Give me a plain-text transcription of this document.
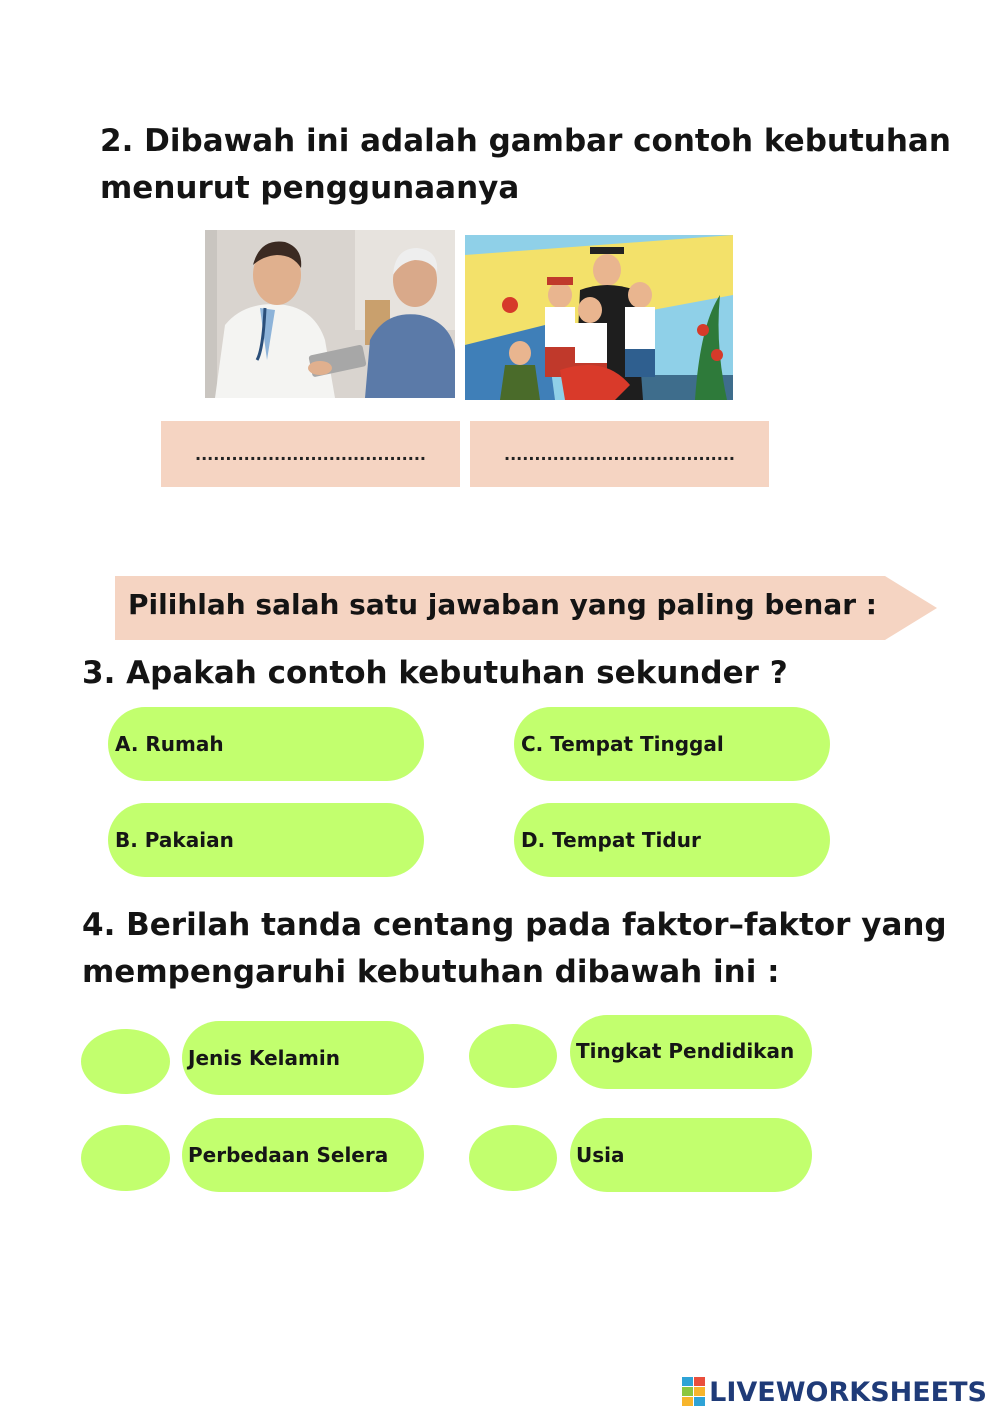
2. Dibawah ini adalah gambar contoh kebutuhan
menurut penggunaanya
......................................	......................................
Pilihlah salah satu jawaban yang paling benar :
3. Apakah contoh kebutuhan sekunder ?
A. Rumah	C. Tempat Tinggal
B. Pakaian	D. Tempat Tidur
4. Berilah tanda centang pada faktor–faktor yang
mempengaruhi kebutuhan dibawah ini :
Jenis Kelamin	Tingkat Pendidikan
Perbedaan Selera	Usia
LIVEWORKSHEETS
